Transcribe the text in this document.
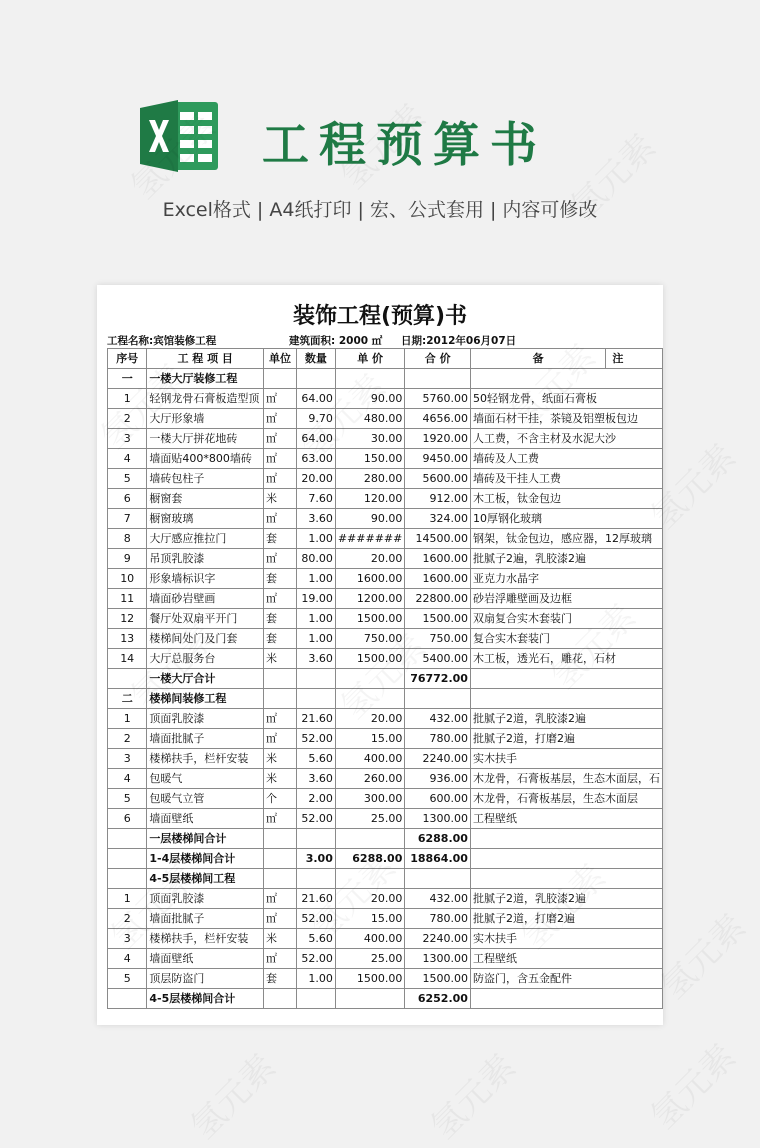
工程预算书
Excel格式 | A4纸打印 | 宏、公式套用 | 内容可修改
装饰工程(预算)书
工程名称:宾馆装修工程	建筑面积: 2000 ㎡ 日期:2012年06月07日
序号	工 程 项 目	单位	数量	单 价	合 价	备	注
一	一楼大厅装修工程						
1	轻钢龙骨石膏板造型顶	㎡	64.00	90.00	5760.00	50轻钢龙骨，纸面石膏板	
2	大厅形象墙	㎡	9.70	480.00	4656.00	墙面石材干挂，茶镜及铝塑板包边	
3	一楼大厅拼花地砖	㎡	64.00	30.00	1920.00	人工费，不含主材及水泥大沙	
4	墙面贴400*800墙砖	㎡	63.00	150.00	9450.00	墙砖及人工费	
5	墙砖包柱子	㎡	20.00	280.00	5600.00	墙砖及干挂人工费	
6	橱窗套	米	7.60	120.00	912.00	木工板，钛金包边	
7	橱窗玻璃	㎡	3.60	90.00	324.00	10厚钢化玻璃	
8	大厅感应推拉门	套	1.00	#######	14500.00	钢架，钛金包边，感应器，12厚玻璃	
9	吊顶乳胶漆	㎡	80.00	20.00	1600.00	批腻子2遍，乳胶漆2遍	
10	形象墙标识字	套	1.00	1600.00	1600.00	亚克力水晶字	
11	墙面砂岩壁画	㎡	19.00	1200.00	22800.00	砂岩浮雕壁画及边框	
12	餐厅处双扇平开门	套	1.00	1500.00	1500.00	双扇复合实木套装门	
13	楼梯间处门及门套	套	1.00	750.00	750.00	复合实木套装门	
14	大厅总服务台	米	3.60	1500.00	5400.00	木工板，透光石，雕花，石材	
	一楼大厅合计				76772.00		
二	楼梯间装修工程						
1	顶面乳胶漆	㎡	21.60	20.00	432.00	批腻子2道，乳胶漆2遍	
2	墙面批腻子	㎡	52.00	15.00	780.00	批腻子2道，打磨2遍	
3	楼梯扶手，栏杆安装	米	5.60	400.00	2240.00	实木扶手	
4	包暖气	米	3.60	260.00	936.00	木龙骨，石膏板基层，生态木面层，石	
5	包暖气立管	个	2.00	300.00	600.00	木龙骨，石膏板基层，生态木面层	
6	墙面壁纸	㎡	52.00	25.00	1300.00	工程壁纸	
	一层楼梯间合计				6288.00		
	1-4层楼梯间合计		3.00	6288.00	18864.00		
	4-5层楼梯间工程						
1	顶面乳胶漆	㎡	21.60	20.00	432.00	批腻子2道，乳胶漆2遍	
2	墙面批腻子	㎡	52.00	15.00	780.00	批腻子2道，打磨2遍	
3	楼梯扶手，栏杆安装	米	5.60	400.00	2240.00	实木扶手	
4	墙面壁纸	㎡	52.00	25.00	1300.00	工程壁纸	
5	顶层防盗门	套	1.00	1500.00	1500.00	防盗门，含五金配件	
	4-5层楼梯间合计				6252.00		
